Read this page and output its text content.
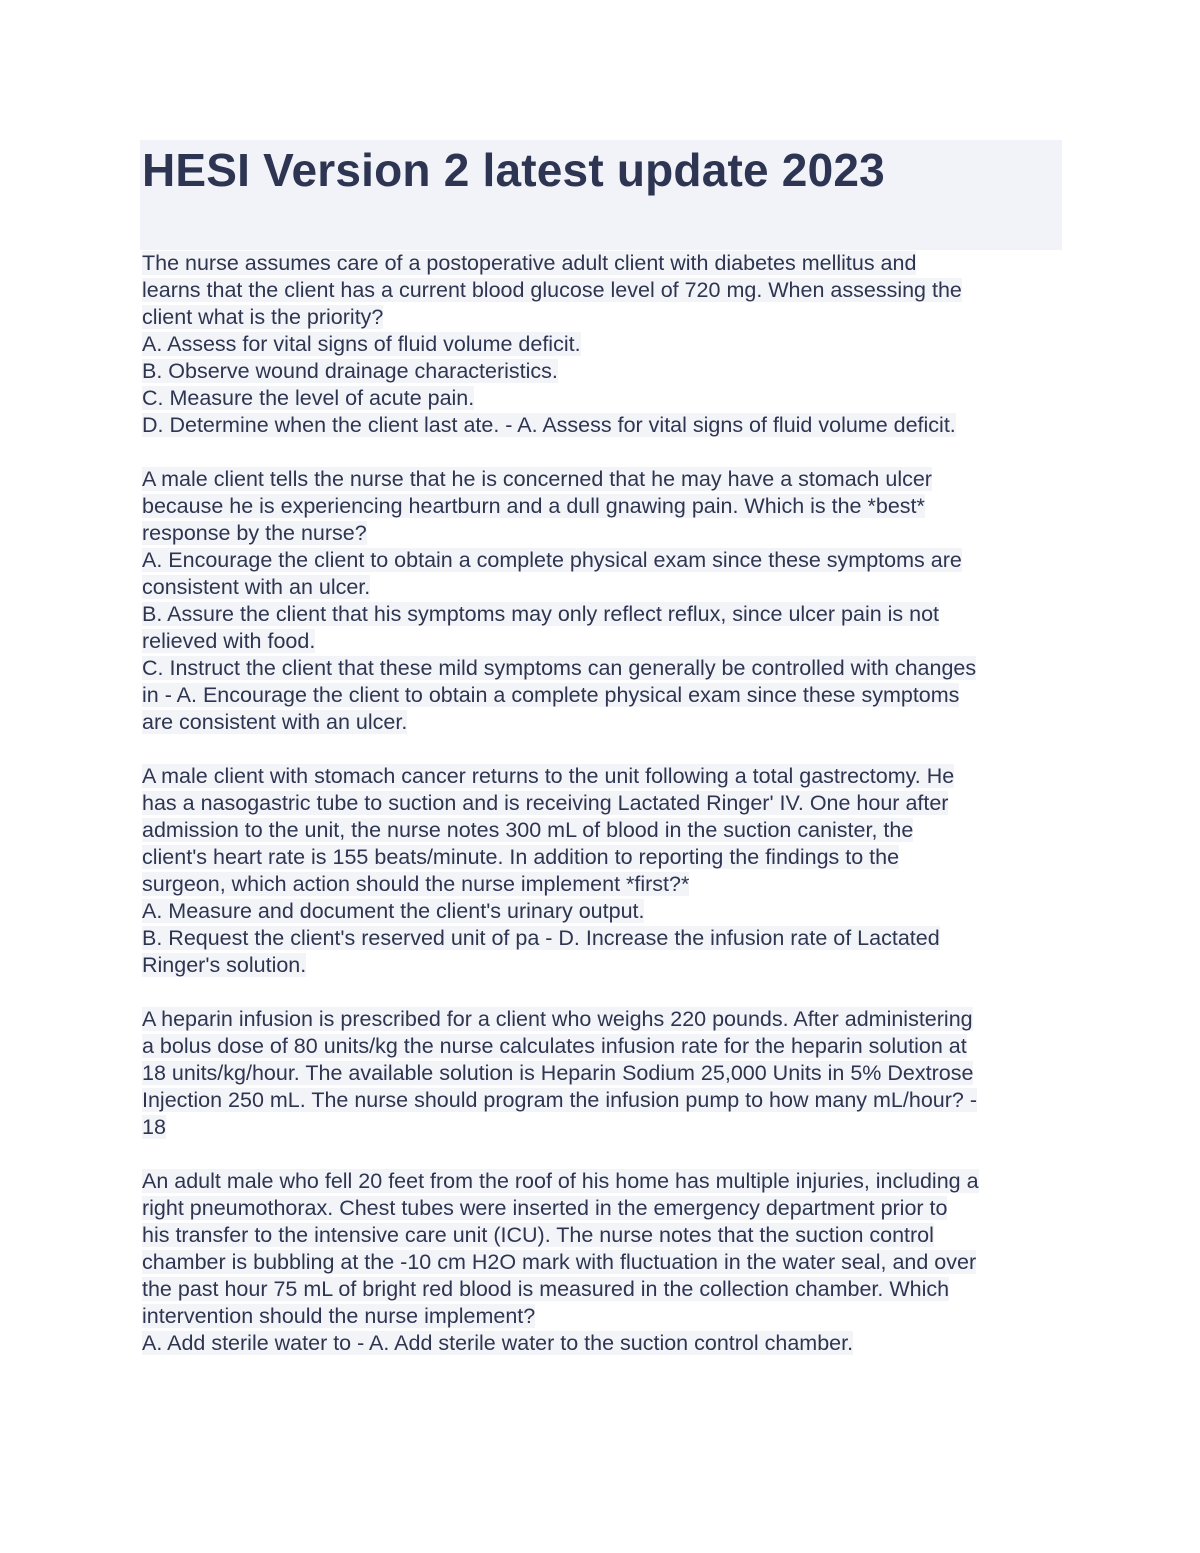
HESI Version 2 latest update 2023
The nurse assumes care of a postoperative adult client with diabetes mellitus and
learns that the client has a current blood glucose level of 720 mg. When assessing the
client what is the priority?
A. Assess for vital signs of fluid volume deficit.
B. Observe wound drainage characteristics.
C. Measure the level of acute pain.
D. Determine when the client last ate. - A. Assess for vital signs of fluid volume deficit.
A male client tells the nurse that he is concerned that he may have a stomach ulcer
because he is experiencing heartburn and a dull gnawing pain. Which is the *best*
response by the nurse?
A. Encourage the client to obtain a complete physical exam since these symptoms are
consistent with an ulcer.
B. Assure the client that his symptoms may only reflect reflux, since ulcer pain is not
relieved with food.
C. Instruct the client that these mild symptoms can generally be controlled with changes
in - A. Encourage the client to obtain a complete physical exam since these symptoms
are consistent with an ulcer.
A male client with stomach cancer returns to the unit following a total gastrectomy. He
has a nasogastric tube to suction and is receiving Lactated Ringer' IV. One hour after
admission to the unit, the nurse notes 300 mL of blood in the suction canister, the
client's heart rate is 155 beats/minute. In addition to reporting the findings to the
surgeon, which action should the nurse implement *first?*
A. Measure and document the client's urinary output.
B. Request the client's reserved unit of pa - D. Increase the infusion rate of Lactated
Ringer's solution.
A heparin infusion is prescribed for a client who weighs 220 pounds. After administering
a bolus dose of 80 units/kg the nurse calculates infusion rate for the heparin solution at
18 units/kg/hour. The available solution is Heparin Sodium 25,000 Units in 5% Dextrose
Injection 250 mL. The nurse should program the infusion pump to how many mL/hour? -
18
An adult male who fell 20 feet from the roof of his home has multiple injuries, including a
right pneumothorax. Chest tubes were inserted in the emergency department prior to
his transfer to the intensive care unit (ICU). The nurse notes that the suction control
chamber is bubbling at the -10 cm H2O mark with fluctuation in the water seal, and over
the past hour 75 mL of bright red blood is measured in the collection chamber. Which
intervention should the nurse implement?
A. Add sterile water to - A. Add sterile water to the suction control chamber.
